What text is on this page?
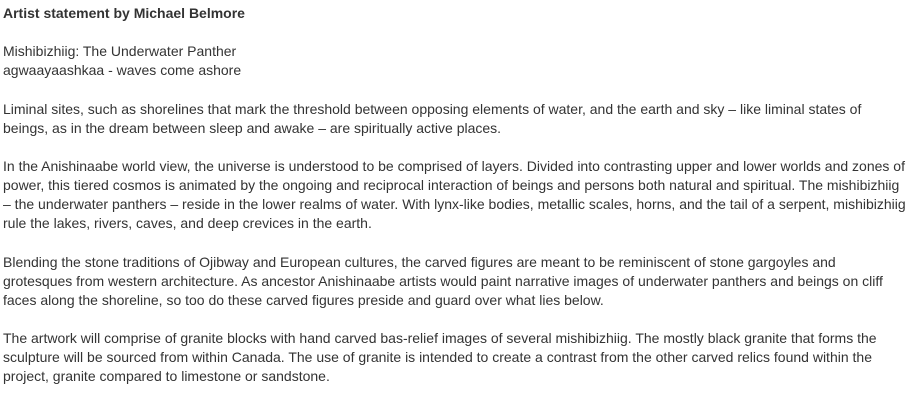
Artist statement by Michael Belmore

Mishibizhiig: The Underwater Panther
agwaayaashkaa - waves come ashore

Liminal sites, such as shorelines that mark the threshold between opposing elements of water, and the earth and sky – like liminal states of beings, as in the dream between sleep and awake – are spiritually active places.

In the Anishinaabe world view, the universe is understood to be comprised of layers. Divided into contrasting upper and lower worlds and zones of power, this tiered cosmos is animated by the ongoing and reciprocal interaction of beings and persons both natural and spiritual. The mishibizhiig – the underwater panthers – reside in the lower realms of water. With lynx-like bodies, metallic scales, horns, and the tail of a serpent, mishibizhiig rule the lakes, rivers, caves, and deep crevices in the earth.

Blending the stone traditions of Ojibway and European cultures, the carved figures are meant to be reminiscent of stone gargoyles and grotesques from western architecture. As ancestor Anishinaabe artists would paint narrative images of underwater panthers and beings on cliff faces along the shoreline, so too do these carved figures preside and guard over what lies below.

The artwork will comprise of granite blocks with hand carved bas-relief images of several mishibizhiig. The mostly black granite that forms the sculpture will be sourced from within Canada. The use of granite is intended to create a contrast from the other carved relics found within the project, granite compared to limestone or sandstone.
